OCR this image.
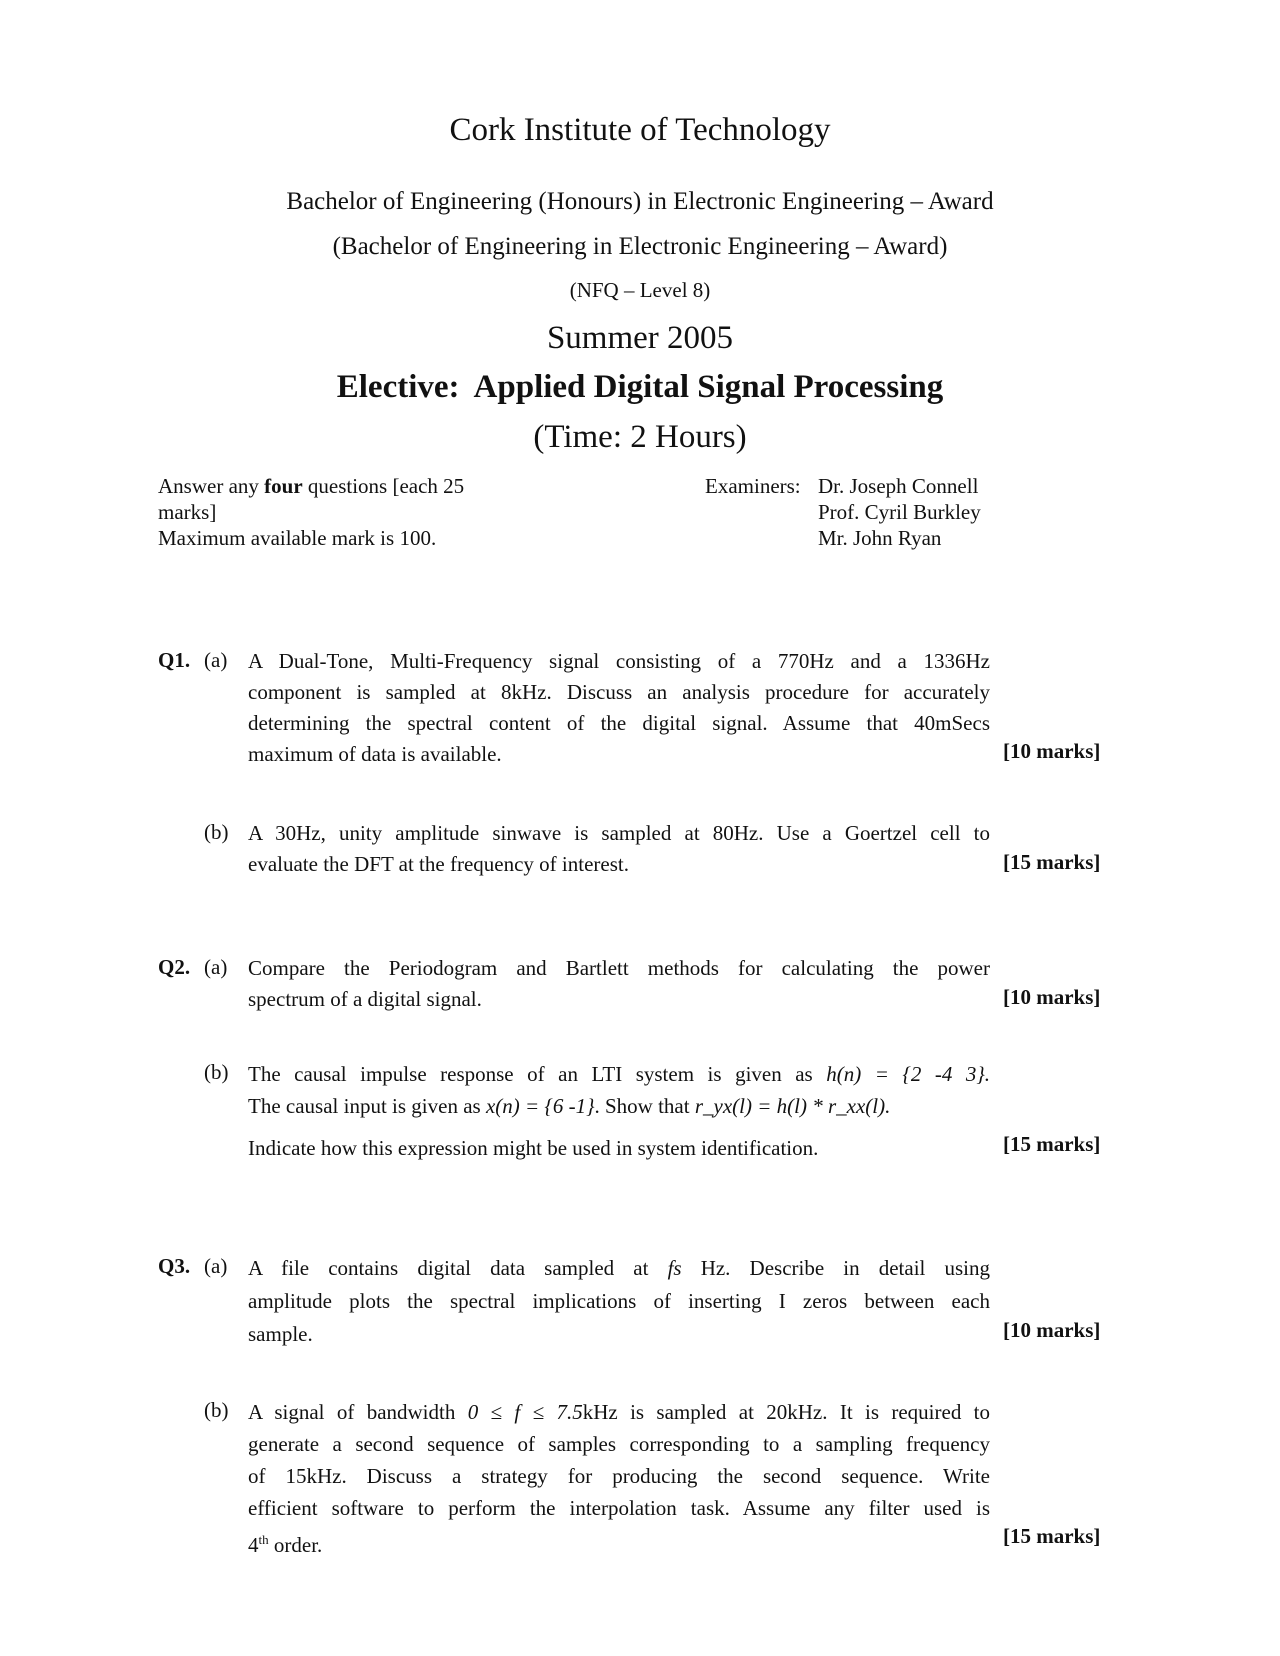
Cork Institute of Technology
Bachelor of Engineering (Honours) in Electronic Engineering – Award
(Bachelor of Engineering in Electronic Engineering – Award)
(NFQ – Level 8)
Summer 2005
Elective: Applied Digital Signal Processing
(Time: 2 Hours)
Answer any four questions [each 25 marks]
Maximum available mark is 100.
Examiners: Dr. Joseph Connell
Prof. Cyril Burkley
Mr. John Ryan
Q1. (a) A Dual-Tone, Multi-Frequency signal consisting of a 770Hz and a 1336Hz
component is sampled at 8kHz. Discuss an analysis procedure for accurately
determining the spectral content of the digital signal. Assume that 40mSecs
maximum of data is available.	[10 marks]
(b) A 30Hz, unity amplitude sinwave is sampled at 80Hz. Use a Goertzel cell to
evaluate the DFT at the frequency of interest.	[15 marks]
Q2. (a) Compare the Periodogram and Bartlett methods for calculating the power
spectrum of a digital signal.	[10 marks]
(b) The causal impulse response of an LTI system is given as h(n) = {2 -4 3}.
The causal input is given as x(n) = {6 -1}. Show that r_yx(l) = h(l) * r_xx(l).
Indicate how this expression might be used in system identification.	[15 marks]
Q3. (a) A file contains digital data sampled at fs Hz. Describe in detail using
amplitude plots the spectral implications of inserting I zeros between each
sample.	[10 marks]
(b) A signal of bandwidth 0 ≤ f ≤ 7.5kHz is sampled at 20kHz. It is required to
generate a second sequence of samples corresponding to a sampling frequency
of 15kHz. Discuss a strategy for producing the second sequence. Write
efficient software to perform the interpolation task. Assume any filter used is
4th order.	[15 marks]
